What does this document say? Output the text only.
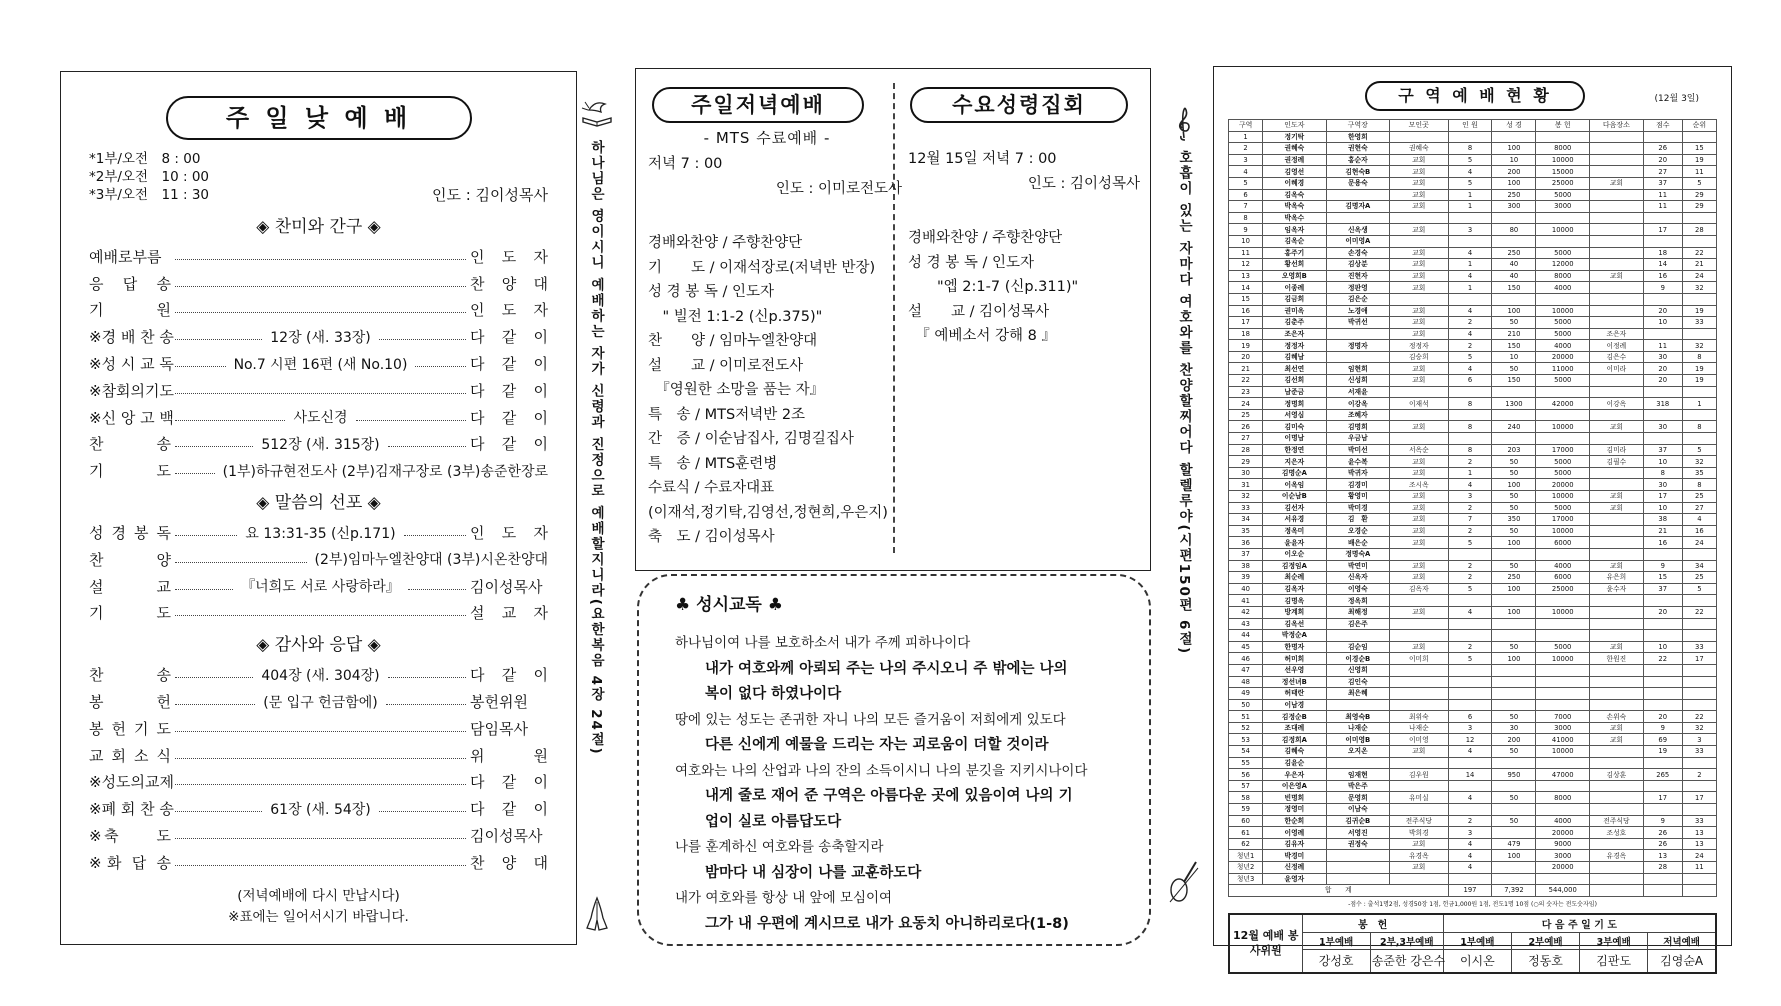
주 일 낮 예 배
*1부/오전　8 : 00
*2부/오전　10 : 00
*3부/오전　11 : 30	인도 : 김이성목사
◈ 찬미와 간구 ◈
예배로부름	인 도 자
응 답 송	찬 양 대
기　　원	인 도 자
※경 배 찬 송	12장 (새. 33장)	다 같 이
※성 시 교 독	No.7 시편 16편 (새 No.10)	다 같 이
※참회의기도	다 같 이
※신 앙 고 백	사도신경	다 같 이
찬　　송	512장 (새. 315장)	다 같 이
기　　도	(1부)하규현전도사 (2부)김재구장로 (3부)송준한장로
◈ 말씀의 선포 ◈
성 경 봉 독	요 13:31-35 (신p.171)	인 도 자
찬　　양	(2부)임마누엘찬양대 (3부)시온찬양대
설　　교	『너희도 서로 사랑하라』	김이성목사
기　　도	설 교 자
◈ 감사와 응답 ◈
찬　　송	404장 (새. 304장)	다 같 이
봉　　헌	(문 입구 헌금함에)	봉헌위원
봉 헌 기 도	담임목사
교 회 소 식	위　　원
※성도의교제	다 같 이
※폐 회 찬 송	61장 (새. 54장)	다 같 이
※축　　도	김이성목사
※화 답 송	찬 양 대
(저녁예배에 다시 만납시다)
※표에는 일어서시기 바랍니다.
하나님은 영이시니 예배하는 자가 신령과 진정으로 예배할지니라(요한복음 4장 24절)
주일저녁예배
- MTS 수료예배 -
저녁 7 : 00
인도 : 이미로전도사
경배와찬양 / 주향찬양단
기　　도 / 이재석장로(저녁반 반장)
성 경 봉 독 / 인도자
　" 빌전 1:1-2 (신p.375)"
찬　　양 / 임마누엘찬양대
설　　교 / 이미로전도사
　『영원한 소망을 품는 자』
특　송 / MTS저녁반 2조
간　증 / 이순남집사, 김명길집사
특　송 / MTS훈련병
수료식 / 수료자대표
(이재석,정기탁,김영선,정현희,우은지)
축　도 / 김이성목사
수요성령집회
12월 15일 저녁 7 : 00
인도 : 김이성목사
경배와찬양 / 주향찬양단
성 경 봉 독 / 인도자
　　"엡 2:1-7 (신p.311)"
설　　교 / 김이성목사
　『 예베소서 강해 8 』
♣ 성시교독 ♣
하나님이여 나를 보호하소서 내가 주께 피하나이다
내가 여호와께 아뢰되 주는 나의 주시오니 주 밖에는 나의
복이 없다 하였나이다
땅에 있는 성도는 존귀한 자니 나의 모든 즐거움이 저희에게 있도다
다른 신에게 예물을 드리는 자는 괴로움이 더할 것이라
여호와는 나의 산업과 나의 잔의 소득이시니 나의 분깃을 지키시나이다
내게 줄로 재어 준 구역은 아름다운 곳에 있음이여 나의 기
업이 실로 아름답도다
나를 훈계하신 여호와를 송축할지라
밤마다 내 심장이 나를 교훈하도다
내가 여호와를 항상 내 앞에 모심이여
그가 내 우편에 계시므로 내가 요동치 아니하리로다(1-8)
호흡이 있는 자마다 여호와를 찬양할찌어다 할렐루야(시편150편 6절)
구 역 예 배 현 황	(12월 3일)
구역	인도자	구역장	모인곳	인 원	성 경	봉 헌	다음장소	점수	순위
1	정기탁	한영희							
2	권혜숙	권현숙	권혜숙	8	100	8000		26	15
3	권정례	홍순자	교회	5	10	10000		20	19
4	김영선	김현숙B	교회	4	200	15000		27	11
5	이혜경	문용숙	교회	5	100	25000	교회	37	5
6	김옥숙		교회	1	250	5000		11	29
7	박옥숙	김명자A	교회	1	300	3000		11	29
8	박옥수								
9	임옥자	신옥생	교회	3	80	10000		17	28
10	김옥순	이미영A							
11	홍주기	손경숙	교회	4	250	5000		18	22
12	황선희	김상분	교회	1	40	12000		14	21
13	오영희B	진현자	교회	4	40	8000	교회	16	24
14	이종례	정판영	교회	1	150	4000		9	32
15	김금희	김은순							
16	권미옥	노경애	교회	4	100	10000		20	19
17	김춘주	박귀선	교회	2	50	5000		10	33
18	조은자		교회	4	210	5000	조은자		
19	정정자	정명자	정정자	2	150	4000	이정례	11	32
20	김혜남		김승희	5	10	20000	김은수	30	8
21	최선연	임현희	교회	4	50	11000	이미라	20	19
22	김선희	신성희	교회	6	150	5000		20	19
23	남준금	서재윤							
24	정명희	이강옥	이재석	8	1300	42000	이강옥	318	1
25	서영심	조혜자							
26	김미숙	김명희	교회	8	240	10000	교회	30	8
27	이명남	우금남							
28	한정연	박미선	서옥순	8	203	17000	김미라	37	5
29	지은자	윤수복	교회	2	50	5000	김필수	10	32
30	김명순A	박귀자	교회	1	50	5000		8	35
31	이옥임	김경미	조시옥	4	100	20000		30	8
32	이순남B	황영미	교회	3	50	10000	교회	17	25
33	김선자	박미경	교회	2	50	5000	교회	10	27
34	서유경	김　환	교회	7	350	17000		38	4
35	정옥미	오경순	교회	2	50	10000		21	16
36	윤윤자	배은순	교회	5	100	6000		16	24
37	이오순	정명숙A							
38	김정임A	박연미	교회	2	50	4000	교회	9	34
39	최순례	신옥자	교회	2	250	6000	유은희	15	25
40	김옥자	이영숙	김옥자	5	100	25000	윤수자	37	5
41	김명옥	정옥희							
42	방계희	최해정	교회	4	100	10000		20	22
43	김옥선	김은주							
44	박정순A								
45	한명자	김순임	교회	2	50	5000	교회	10	33
46	허미희	이경순B	이미희	5	100	10000	한원진	22	17
47	선우영	신영희							
48	정선녀B	김인숙							
49	허태란	최은혜							
50	이남경								
51	김정순B	최영숙B	최위숙	6	50	7000	손위숙	20	22
52	조대례	나재순	나재순	3	30	3000	교회	9	32
53	김정희A	이미영B	이미영	12	200	41000	교회	69	3
54	김혜숙	오지온	교회	4	50	10000		19	33
55	김윤순								
56	우은자	임재현	김우원	14	950	47000	김상훈	265	2
57	이은영A	박은주							
58	빈명희	문영희	유미실	4	50	8000		17	17
59	정영미	이남숙							
60	한순희	김귀순B	전주식당	2	50	4000	전주식당	9	33
61	이영례	서영진	박희경	3		20000	조성호	26	13
62	김유자	권정숙	교회	4	479	9000		26	13
청년1	박경미		유경옥	4	100	3000	유경옥	13	24
청년2	신정례		교회	4		20000		28	11
청년3	윤영자								
합　　계				197	7,392	544,000			
-점수 : 출석1명2점, 성경50장 1점, 헌금1,000원 1점, 전도1명 10점 (○의 숫자는 전도숫자임)
12월 예배 봉사위원	봉　헌		다 음 주 일 기 도			
	1부예배	2부,3부예배	1부예배	2부예배	3부예배	저녁예배
	강성호	송준한 강은수	이시온	정동호	김판도	김영순A
